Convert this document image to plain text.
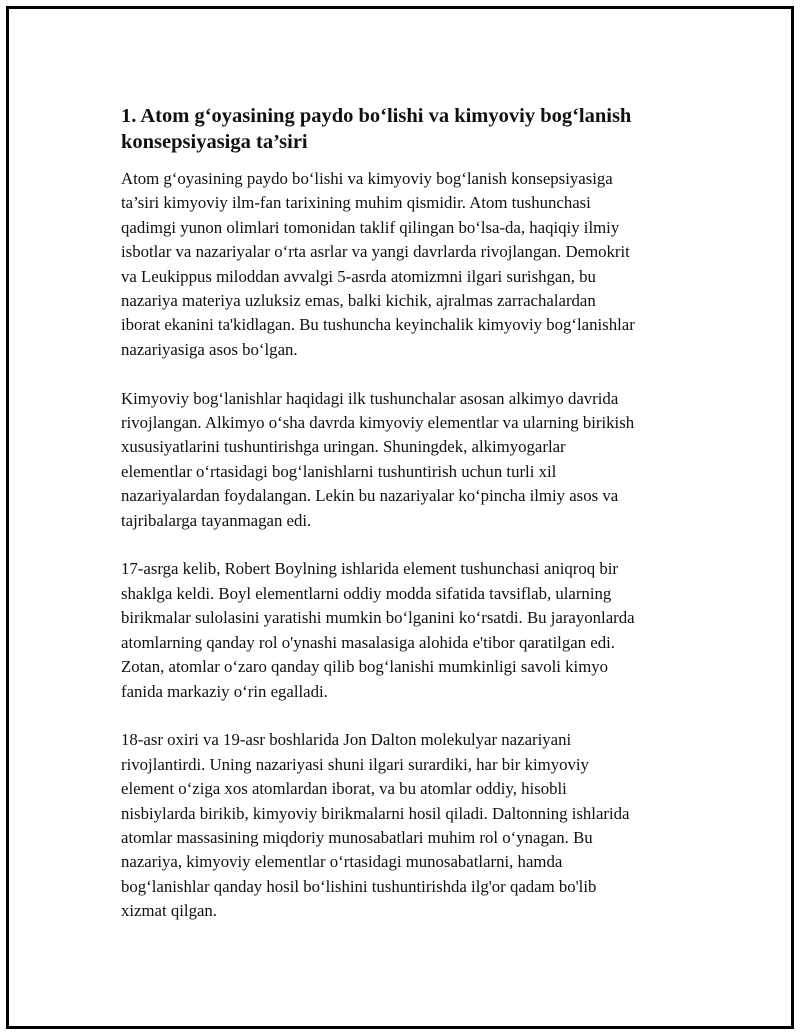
1. Atom g‘oyasining paydo bo‘lishi va kimyoviy bog‘lanish
konsepsiyasiga ta’siri

Atom g‘oyasining paydo bo‘lishi va kimyoviy bog‘lanish konsepsiyasiga
ta’siri kimyoviy ilm-fan tarixining muhim qismidir. Atom tushunchasi
qadimgi yunon olimlari tomonidan taklif qilingan bo‘lsa-da, haqiqiy ilmiy
isbotlar va nazariyalar o‘rta asrlar va yangi davrlarda rivojlangan. Demokrit
va Leukippus miloddan avvalgi 5-asrda atomizmni ilgari surishgan, bu
nazariya materiya uzluksiz emas, balki kichik, ajralmas zarrachalardan
iborat ekanini ta'kidlagan. Bu tushuncha keyinchalik kimyoviy bog‘lanishlar
nazariyasiga asos bo‘lgan.

Kimyoviy bog‘lanishlar haqidagi ilk tushunchalar asosan alkimyo davrida
rivojlangan. Alkimyo o‘sha davrda kimyoviy elementlar va ularning birikish
xususiyatlarini tushuntirishga uringan. Shuningdek, alkimyogarlar
elementlar o‘rtasidagi bog‘lanishlarni tushuntirish uchun turli xil
nazariyalardan foydalangan. Lekin bu nazariyalar ko‘pincha ilmiy asos va
tajribalarga tayanmagan edi.

17-asrga kelib, Robert Boylning ishlarida element tushunchasi aniqroq bir
shaklga keldi. Boyl elementlarni oddiy modda sifatida tavsiflab, ularning
birikmalar sulolasini yaratishi mumkin bo‘lganini ko‘rsatdi. Bu jarayonlarda
atomlarning qanday rol o'ynashi masalasiga alohida e'tibor qaratilgan edi.
Zotan, atomlar o‘zaro qanday qilib bog‘lanishi mumkinligi savoli kimyo
fanida markaziy o‘rin egalladi.

18-asr oxiri va 19-asr boshlarida Jon Dalton molekulyar nazariyani
rivojlantirdi. Uning nazariyasi shuni ilgari surardiki, har bir kimyoviy
element o‘ziga xos atomlardan iborat, va bu atomlar oddiy, hisobli
nisbiylarda birikib, kimyoviy birikmalarni hosil qiladi. Daltonning ishlarida
atomlar massasining miqdoriy munosabatlari muhim rol o‘ynagan. Bu
nazariya, kimyoviy elementlar o‘rtasidagi munosabatlarni, hamda
bog‘lanishlar qanday hosil bo‘lishini tushuntirishda ilg'or qadam bo'lib
xizmat qilgan.
